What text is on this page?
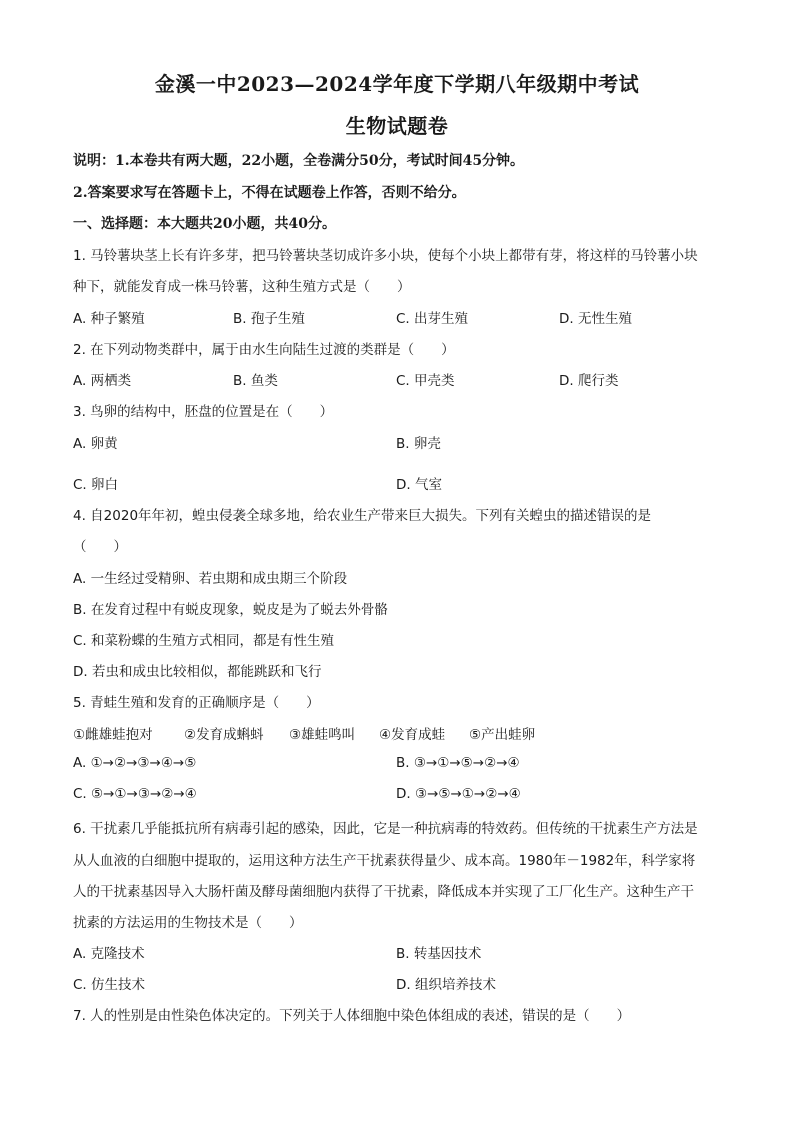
金溪一中2023—2024学年度下学期八年级期中考试
生物试题卷
说明：1.本卷共有两大题，22小题，全卷满分50分，考试时间45分钟。
2.答案要求写在答题卡上，不得在试题卷上作答，否则不给分。
一、选择题：本大题共20小题，共40分。
1. 马铃薯块茎上长有许多芽，把马铃薯块茎切成许多小块，使每个小块上都带有芽，将这样的马铃薯小块
种下，就能发育成一株马铃薯，这种生殖方式是（　　）
A. 种子繁殖	B. 孢子生殖	C. 出芽生殖	D. 无性生殖
2. 在下列动物类群中，属于由水生向陆生过渡的类群是（　　）
A. 两栖类	B. 鱼类	C. 甲壳类	D. 爬行类
3. 鸟卵的结构中，胚盘的位置是在（　　）
A. 卵黄	B. 卵壳
C. 卵白	D. 气室
4. 自2020年年初，蝗虫侵袭全球多地，给农业生产带来巨大损失。下列有关蝗虫的描述错误的是
（　　）
A. 一生经过受精卵、若虫期和成虫期三个阶段
B. 在发育过程中有蜕皮现象，蜕皮是为了蜕去外骨骼
C. 和菜粉蝶的生殖方式相同，都是有性生殖
D. 若虫和成虫比较相似，都能跳跃和飞行
5. 青蛙生殖和发育的正确顺序是（　　）
①雌雄蛙抱对 ②发育成蝌蚪 ③雄蛙鸣叫 ④发育成蛙 ⑤产出蛙卵
A. ①→②→③→④→⑤	B. ③→①→⑤→②→④
C. ⑤→①→③→②→④	D. ③→⑤→①→②→④
6. 干扰素几乎能抵抗所有病毒引起的感染，因此，它是一种抗病毒的特效药。但传统的干扰素生产方法是
从人血液的白细胞中提取的，运用这种方法生产干扰素获得量少、成本高。1980年－1982年，科学家将
人的干扰素基因导入大肠杆菌及酵母菌细胞内获得了干扰素，降低成本并实现了工厂化生产。这种生产干
扰素的方法运用的生物技术是（　　）
A. 克隆技术	B. 转基因技术
C. 仿生技术	D. 组织培养技术
7. 人的性别是由性染色体决定的。下列关于人体细胞中染色体组成的表述，错误的是（　　）
